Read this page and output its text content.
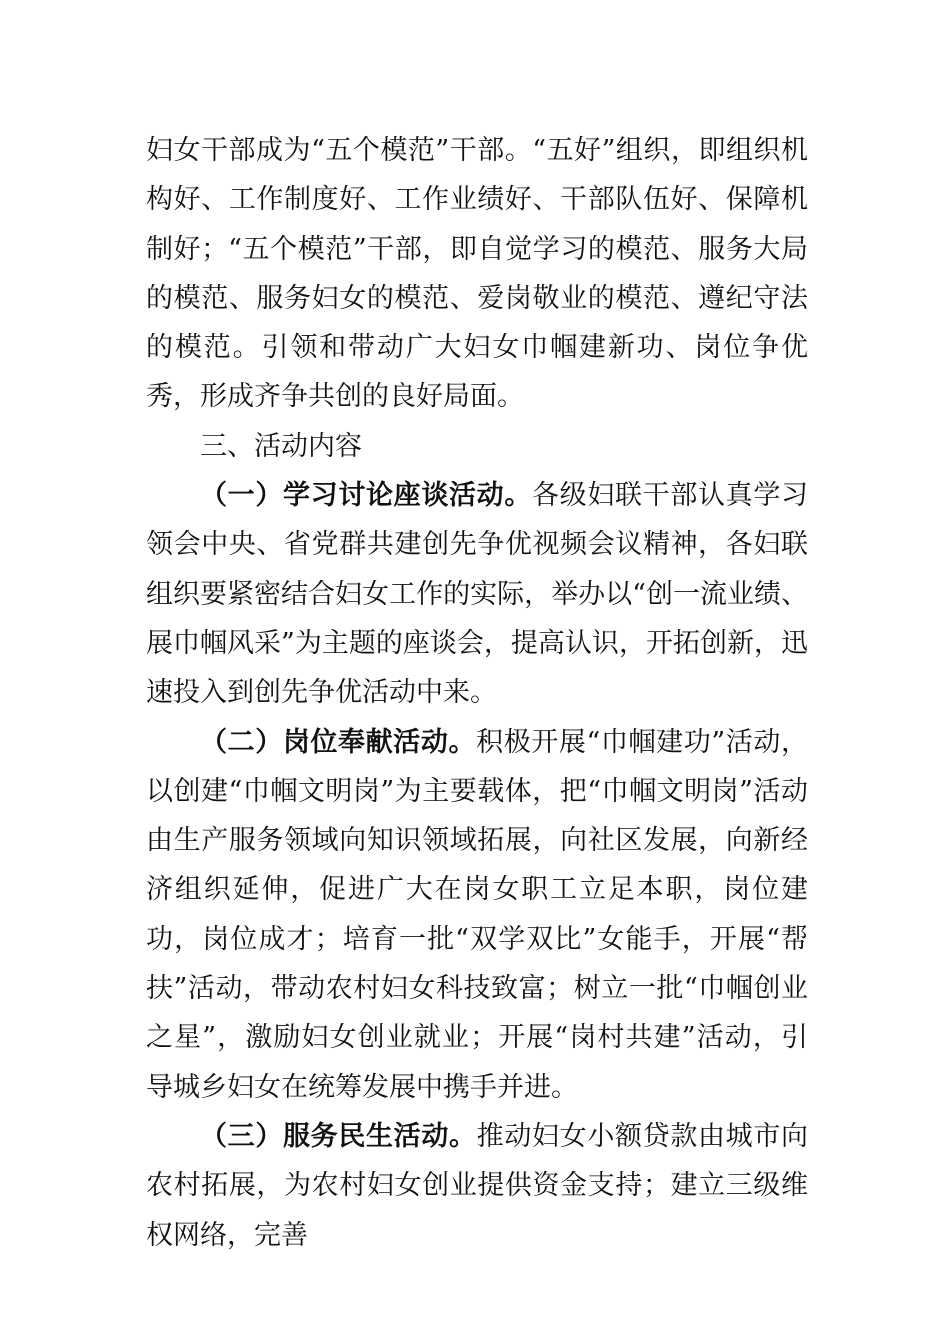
妇女干部成为“五个模范”干部。“五好”组织，即组织机构好、工作制度好、工作业绩好、干部队伍好、保障机制好；“五个模范”干部，即自觉学习的模范、服务大局的模范、服务妇女的模范、爱岗敬业的模范、遵纪守法的模范。引领和带动广大妇女巾帼建新功、岗位争优秀，形成齐争共创的良好局面。

三、活动内容

（一）学习讨论座谈活动。各级妇联干部认真学习领会中央、省党群共建创先争优视频会议精神，各妇联组织要紧密结合妇女工作的实际，举办以“创一流业绩、展巾帼风采”为主题的座谈会，提高认识，开拓创新，迅速投入到创先争优活动中来。

（二）岗位奉献活动。积极开展“巾帼建功”活动，以创建“巾帼文明岗”为主要载体，把“巾帼文明岗”活动由生产服务领域向知识领域拓展，向社区发展，向新经济组织延伸，促进广大在岗女职工立足本职，岗位建功，岗位成才；培育一批“双学双比”女能手，开展“帮扶”活动，带动农村妇女科技致富；树立一批“巾帼创业之星”，激励妇女创业就业；开展“岗村共建”活动，引导城乡妇女在统筹发展中携手并进。

（三）服务民生活动。推动妇女小额贷款由城市向农村拓展，为农村妇女创业提供资金支持；建立三级维权网络，完善
